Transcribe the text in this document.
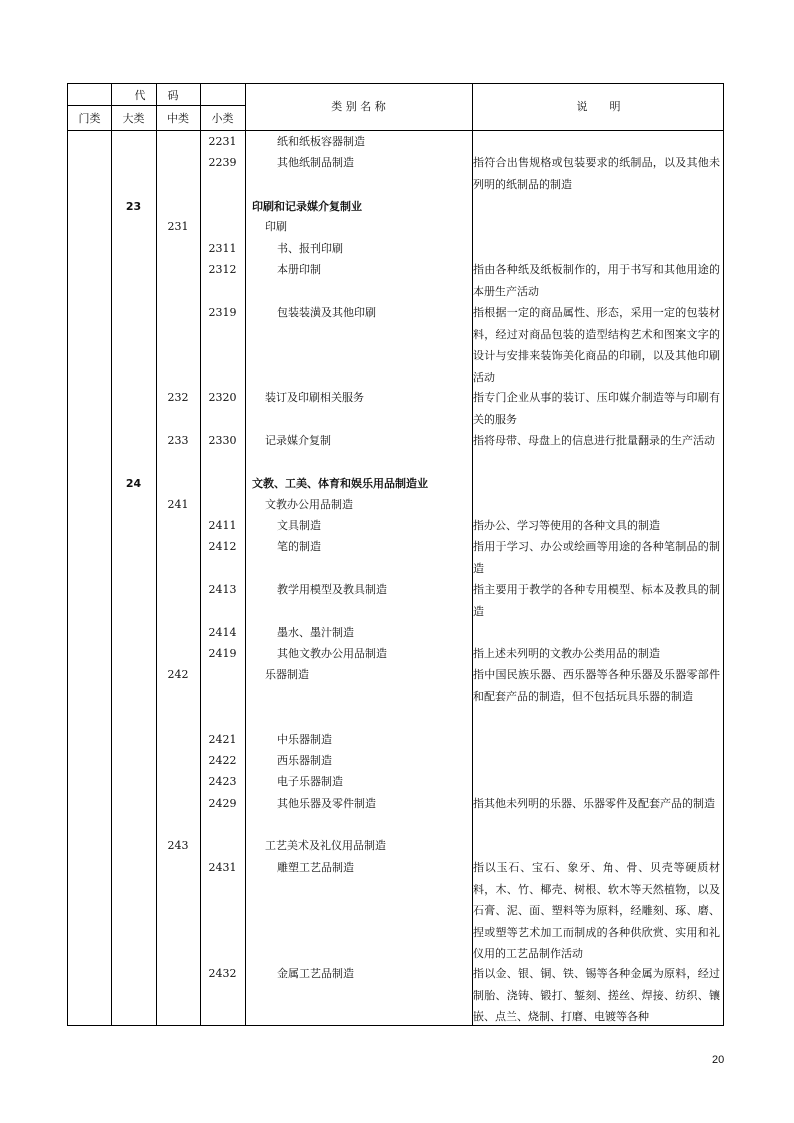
代　　码
门类	大类	中类	小类
类 别 名 称	说　　明
2231	纸和纸板容器制造
2239	其他纸制品制造	指符合出售规格或包装要求的纸制品，以及其他未列明的纸制品的制造
23	印刷和记录媒介复制业
231	印刷
2311	书、报刊印刷
2312	本册印制	指由各种纸及纸板制作的，用于书写和其他用途的本册生产活动
2319	包装装潢及其他印刷	指根据一定的商品属性、形态，采用一定的包装材料，经过对商品包装的造型结构艺术和图案文字的设计与安排来装饰美化商品的印刷，以及其他印刷活动
232	2320	装订及印刷相关服务	指专门企业从事的装订、压印媒介制造等与印刷有关的服务
233	2330	记录媒介复制	指将母带、母盘上的信息进行批量翻录的生产活动
24	文教、工美、体育和娱乐用品制造业
241	文教办公用品制造
2411	文具制造	指办公、学习等使用的各种文具的制造
2412	笔的制造	指用于学习、办公或绘画等用途的各种笔制品的制造
2413	教学用模型及教具制造	指主要用于教学的各种专用模型、标本及教具的制造
2414	墨水、墨汁制造
2419	其他文教办公用品制造	指上述未列明的文教办公类用品的制造
242	乐器制造	指中国民族乐器、西乐器等各种乐器及乐器零部件和配套产品的制造，但不包括玩具乐器的制造
2421	中乐器制造
2422	西乐器制造
2423	电子乐器制造
2429	其他乐器及零件制造	指其他未列明的乐器、乐器零件及配套产品的制造
243	工艺美术及礼仪用品制造
2431	雕塑工艺品制造	指以玉石、宝石、象牙、角、骨、贝壳等硬质材料，木、竹、椰壳、树根、软木等天然植物，以及石膏、泥、面、塑料等为原料，经雕刻、琢、磨、捏或塑等艺术加工而制成的各种供欣赏、实用和礼仪用的工艺品制作活动
2432	金属工艺品制造	指以金、银、铜、铁、锡等各种金属为原料，经过制胎、浇铸、锻打、錾刻、搓丝、焊接、纺织、镶嵌、点兰、烧制、打磨、电镀等各种
20
